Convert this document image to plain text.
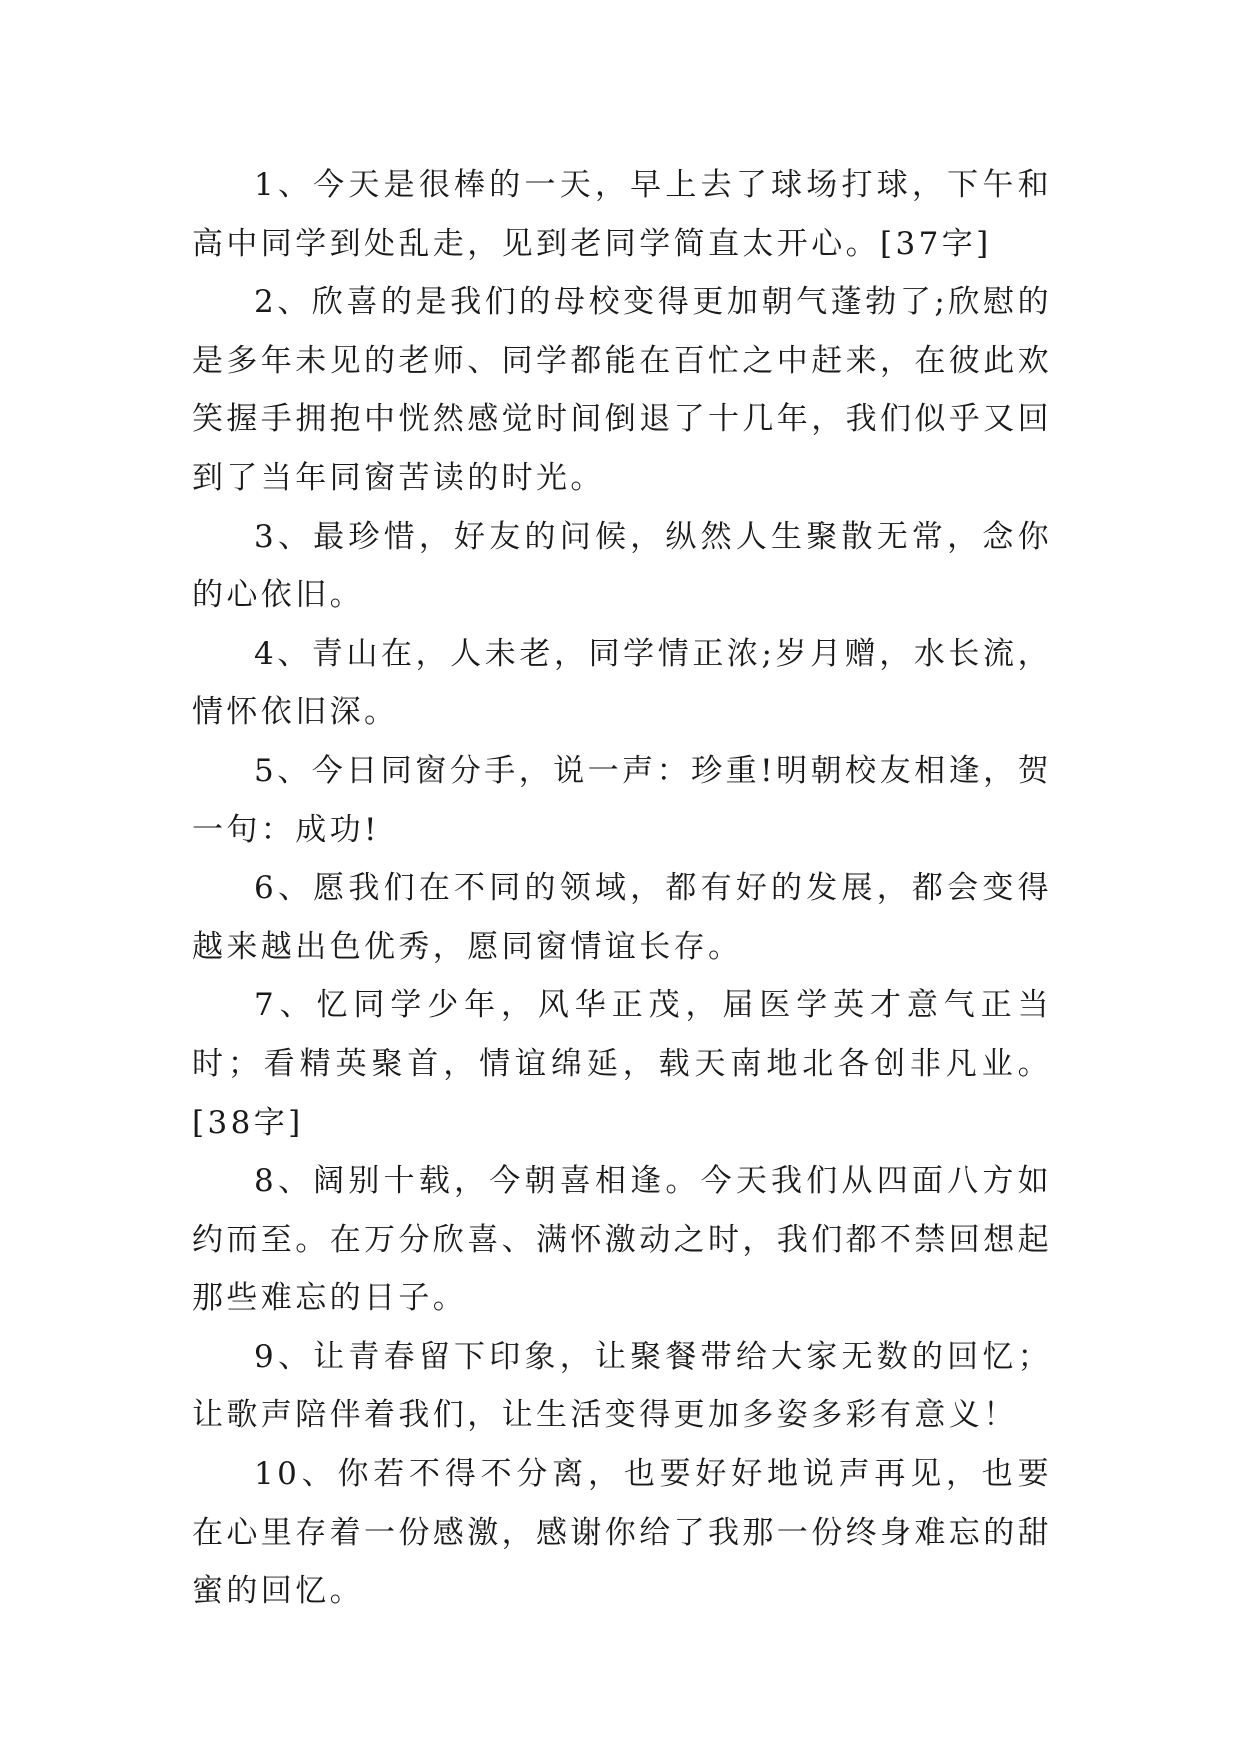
1、今天是很棒的一天，早上去了球场打球，下午和高中同学到处乱走，见到老同学简直太开心。[37字]

2、欣喜的是我们的母校变得更加朝气蓬勃了;欣慰的是多年未见的老师、同学都能在百忙之中赶来，在彼此欢笑握手拥抱中恍然感觉时间倒退了十几年，我们似乎又回到了当年同窗苦读的时光。

3、最珍惜，好友的问候，纵然人生聚散无常，念你的心依旧。

4、青山在，人未老，同学情正浓;岁月赠，水长流，情怀依旧深。

5、今日同窗分手，说一声：珍重!明朝校友相逢，贺一句：成功!

6、愿我们在不同的领域，都有好的发展，都会变得越来越出色优秀，愿同窗情谊长存。

7、忆同学少年，风华正茂，届医学英才意气正当时；看精英聚首，情谊绵延，载天南地北各创非凡业。[38字]

8、阔别十载，今朝喜相逢。今天我们从四面八方如约而至。在万分欣喜、满怀激动之时，我们都不禁回想起那些难忘的日子。

9、让青春留下印象，让聚餐带给大家无数的回忆；让歌声陪伴着我们，让生活变得更加多姿多彩有意义！

10、你若不得不分离，也要好好地说声再见，也要在心里存着一份感激，感谢你给了我那一份终身难忘的甜蜜的回忆。
